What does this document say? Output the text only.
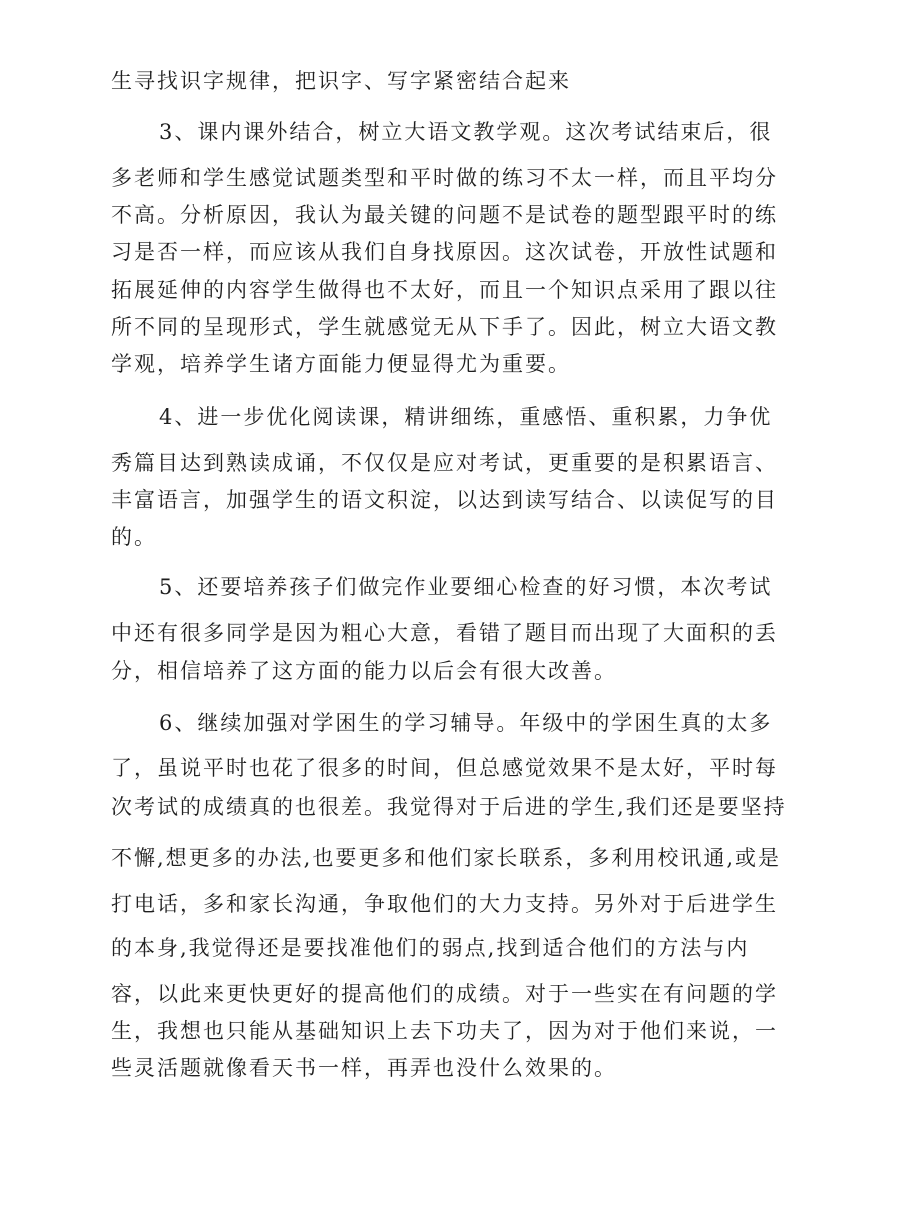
生寻找识字规律，把识字、写字紧密结合起来

3、课内课外结合，树立大语文教学观。这次考试结束后，很

多老师和学生感觉试题类型和平时做的练习不太一样，而且平均分

不高。分析原因，我认为最关键的问题不是试卷的题型跟平时的练

习是否一样，而应该从我们自身找原因。这次试卷，开放性试题和

拓展延伸的内容学生做得也不太好，而且一个知识点采用了跟以往

所不同的呈现形式，学生就感觉无从下手了。因此，树立大语文教

学观，培养学生诸方面能力便显得尤为重要。

4、进一步优化阅读课，精讲细练，重感悟、重积累，力争优

秀篇目达到熟读成诵，不仅仅是应对考试，更重要的是积累语言、

丰富语言，加强学生的语文积淀，以达到读写结合、以读促写的目

的。

5、还要培养孩子们做完作业要细心检查的好习惯，本次考试

中还有很多同学是因为粗心大意，看错了题目而出现了大面积的丢

分，相信培养了这方面的能力以后会有很大改善。

6、继续加强对学困生的学习辅导。年级中的学困生真的太多

了，虽说平时也花了很多的时间，但总感觉效果不是太好，平时每

次考试的成绩真的也很差。我觉得对于后进的学生,我们还是要坚持

不懈,想更多的办法,也要更多和他们家长联系，多利用校讯通,或是

打电话，多和家长沟通，争取他们的大力支持。另外对于后进学生

的本身,我觉得还是要找准他们的弱点,找到适合他们的方法与内

容，以此来更快更好的提高他们的成绩。对于一些实在有问题的学

生，我想也只能从基础知识上去下功夫了，因为对于他们来说，一

些灵活题就像看天书一样，再弄也没什么效果的。
